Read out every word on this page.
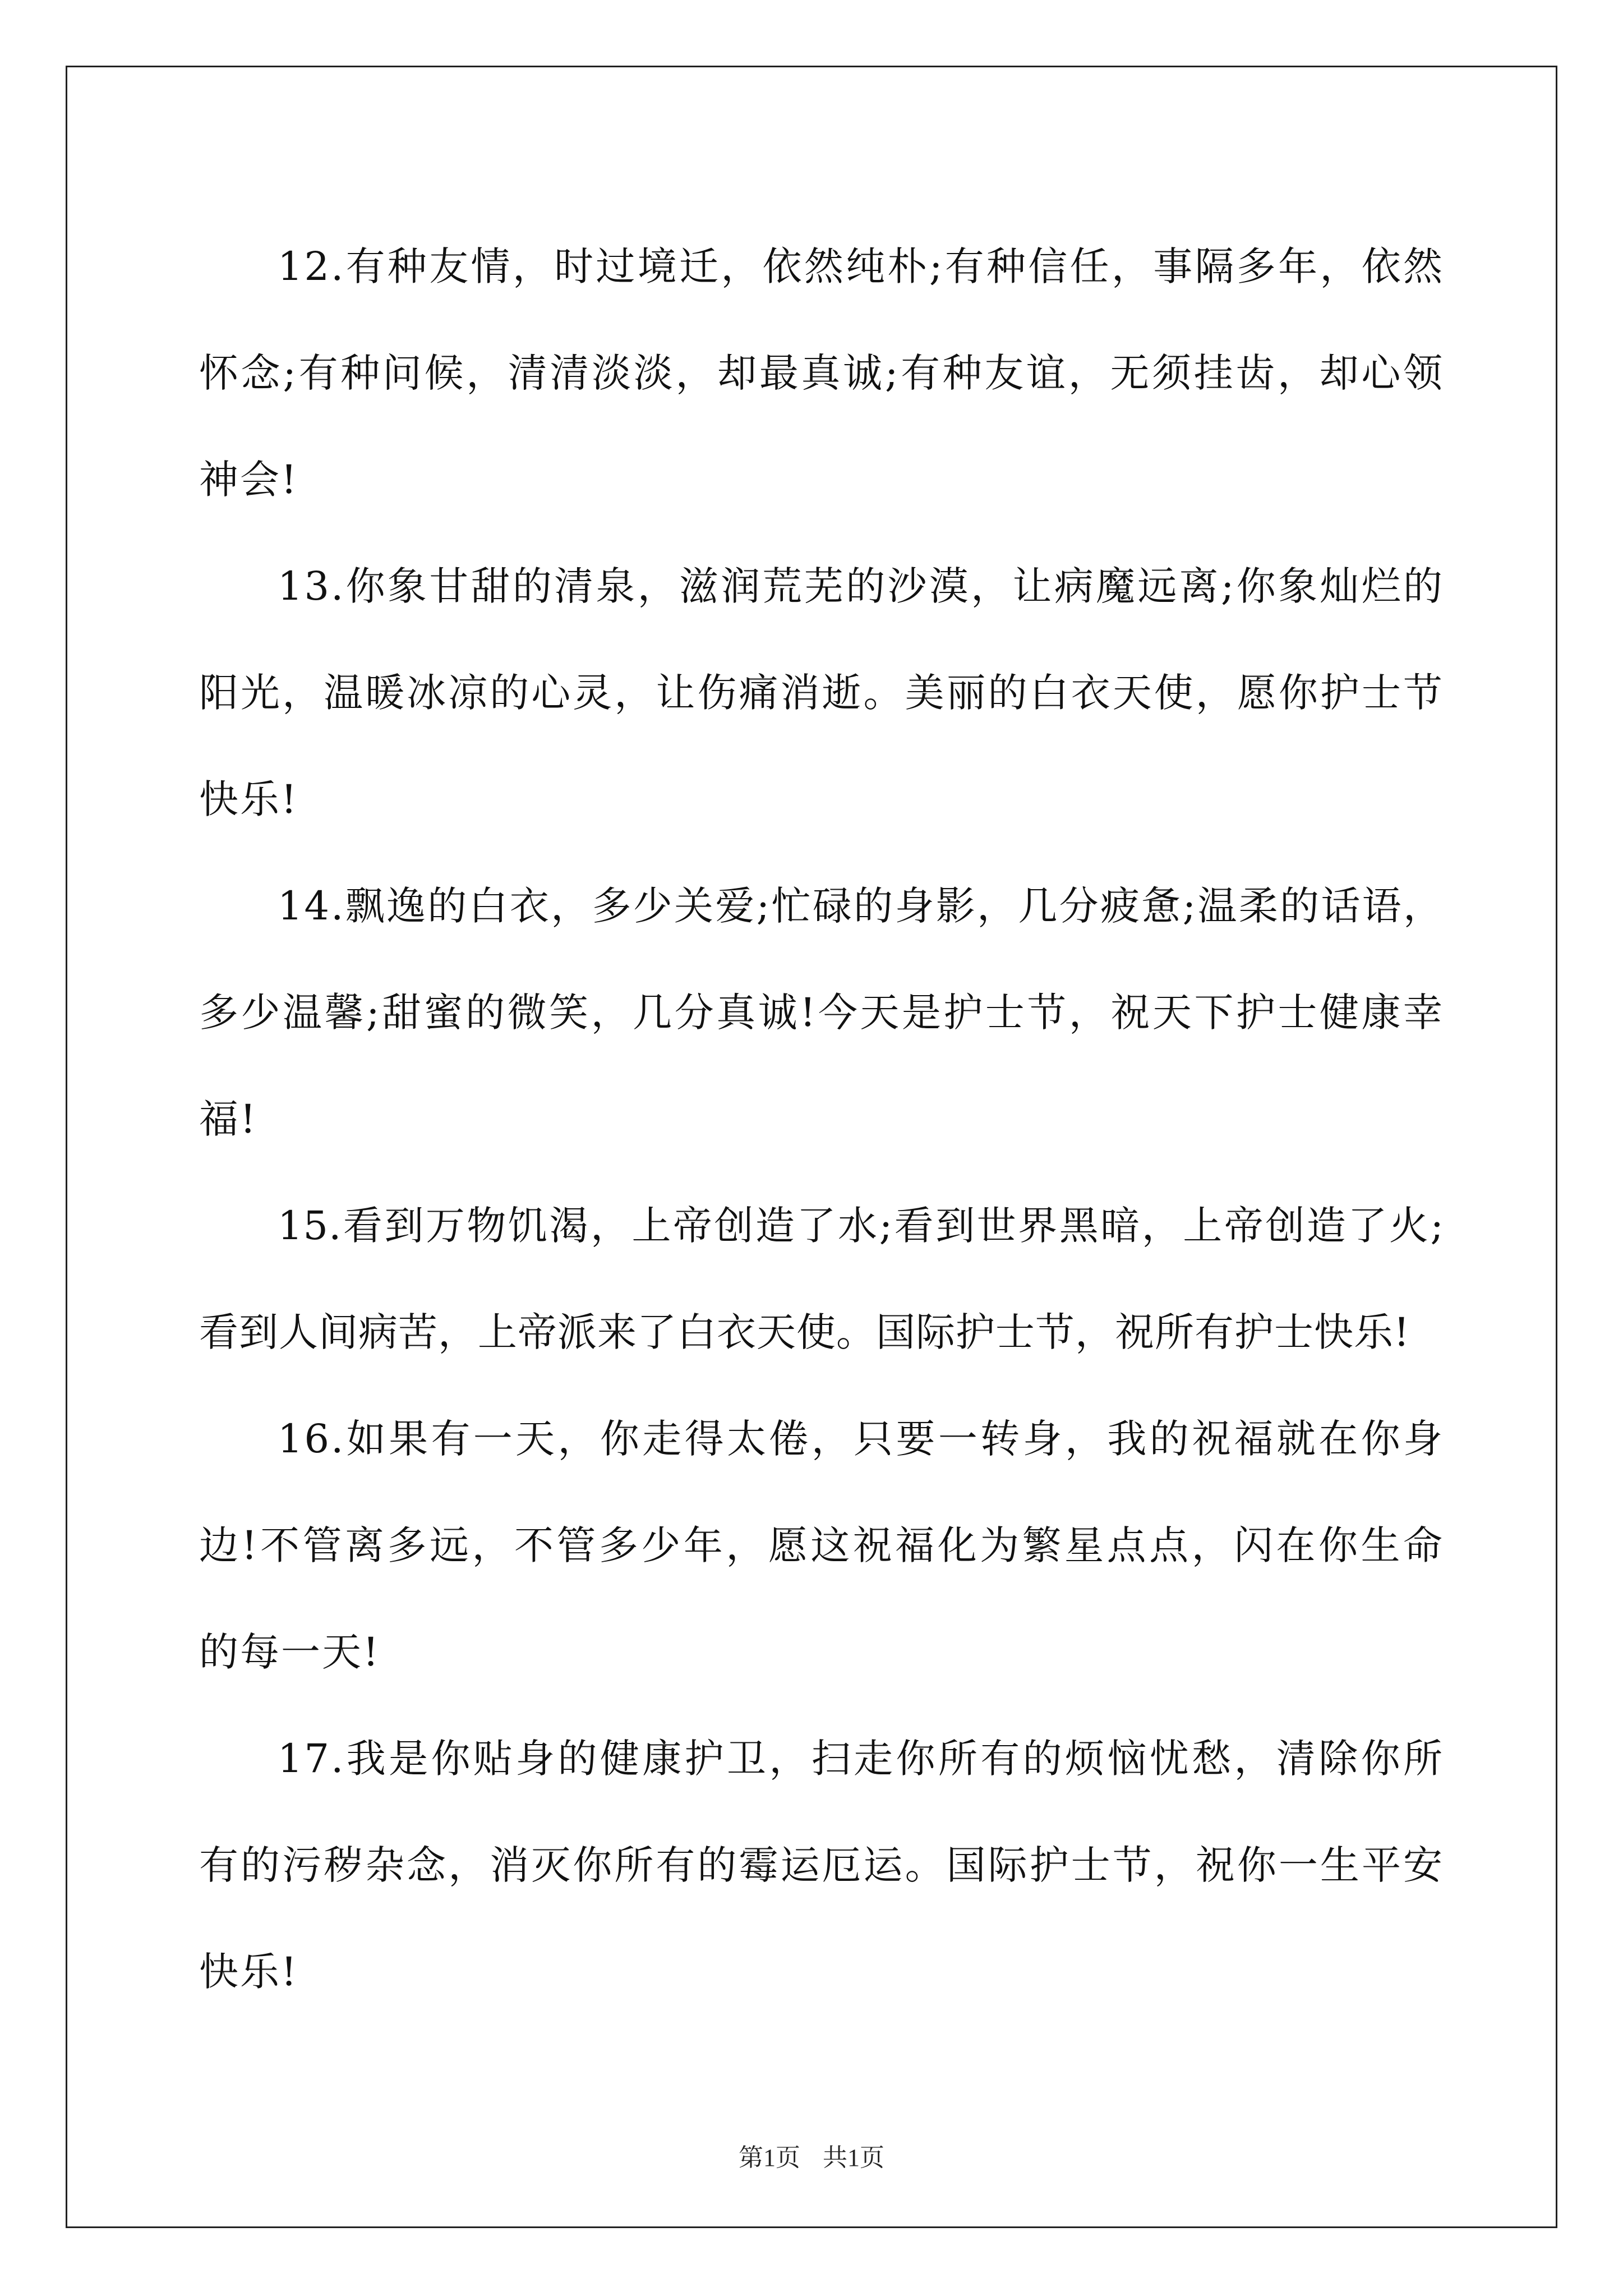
12.有种友情，时过境迁，依然纯朴;有种信任，事隔多年，依然怀念;有种问候，清清淡淡，却最真诚;有种友谊，无须挂齿，却心领神会!

13.你象甘甜的清泉，滋润荒芜的沙漠，让病魔远离;你象灿烂的阳光，温暖冰凉的心灵，让伤痛消逝。美丽的白衣天使，愿你护士节快乐!

14.飘逸的白衣，多少关爱;忙碌的身影，几分疲惫;温柔的话语，多少温馨;甜蜜的微笑，几分真诚!今天是护士节，祝天下护士健康幸福!

15.看到万物饥渴，上帝创造了水;看到世界黑暗，上帝创造了火;看到人间病苦，上帝派来了白衣天使。国际护士节，祝所有护士快乐!

16.如果有一天，你走得太倦，只要一转身，我的祝福就在你身边!不管离多远，不管多少年，愿这祝福化为繁星点点，闪在你生命的每一天!

17.我是你贴身的健康护卫，扫走你所有的烦恼忧愁，清除你所有的污秽杂念，消灭你所有的霉运厄运。国际护士节，祝你一生平安快乐!

第1页 共1页
